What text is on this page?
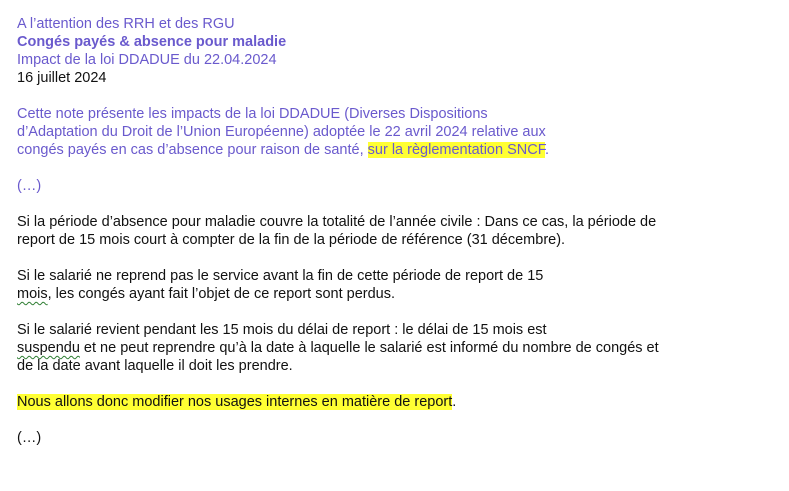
A l’attention des RRH et des RGU
Congés payés & absence pour maladie
Impact de la loi DDADUE du 22.04.2024
16 juillet 2024
Cette note présente les impacts de la loi DDADUE (Diverses Dispositions
d’Adaptation du Droit de l’Union Européenne) adoptée le 22 avril 2024 relative aux
congés payés en cas d’absence pour raison de santé, sur la règlementation SNCF.
(…)
Si la période d’absence pour maladie couvre la totalité de l’année civile : Dans ce cas, la période de
report de 15 mois court à compter de la fin de la période de référence (31 décembre).
Si le salarié ne reprend pas le service avant la fin de cette période de report de 15
mois, les congés ayant fait l’objet de ce report sont perdus.
Si le salarié revient pendant les 15 mois du délai de report : le délai de 15 mois est
suspendu et ne peut reprendre qu’à la date à laquelle le salarié est informé du nombre de congés et
de la date avant laquelle il doit les prendre.
Nous allons donc modifier nos usages internes en matière de report.
(…)
